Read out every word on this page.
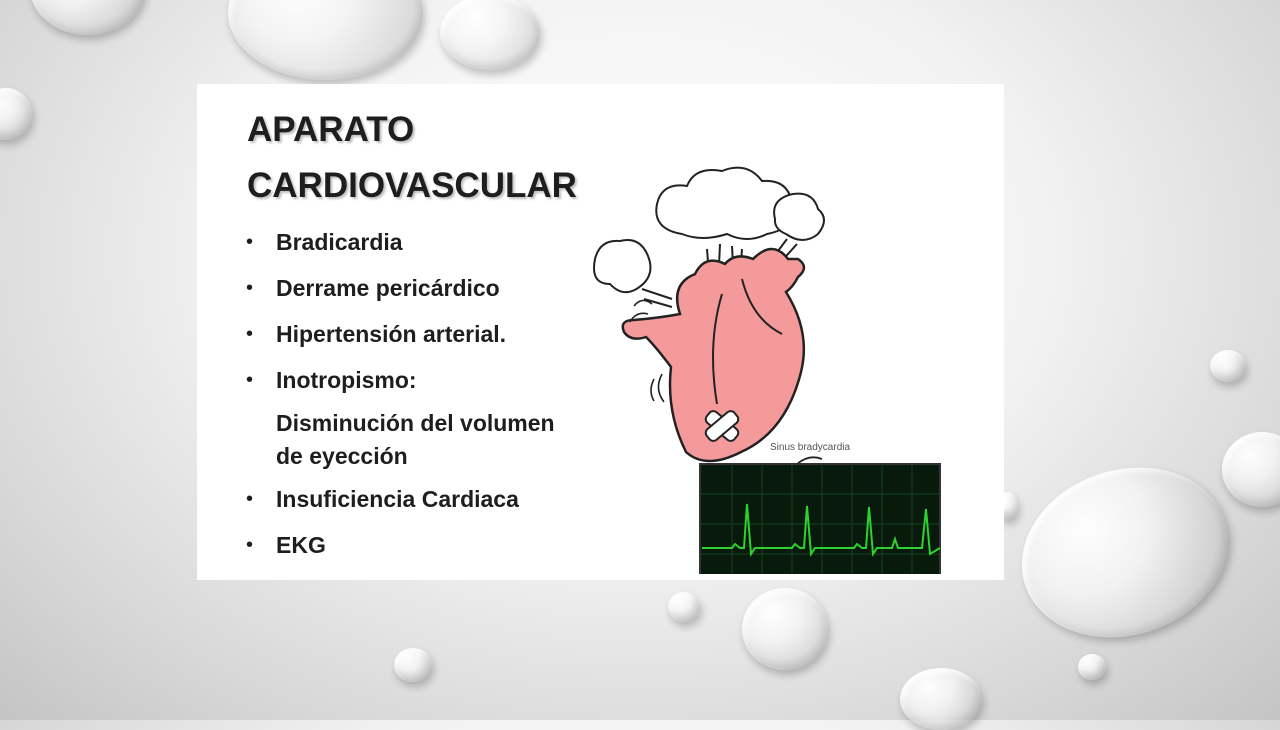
APARATO
CARDIOVASCULAR
• Bradicardia
• Derrame pericárdico
• Hipertensión arterial.
• Inotropismo:
Disminución del volumen de eyección
• Insuficiencia Cardiaca
• EKG
Sinus bradycardia
